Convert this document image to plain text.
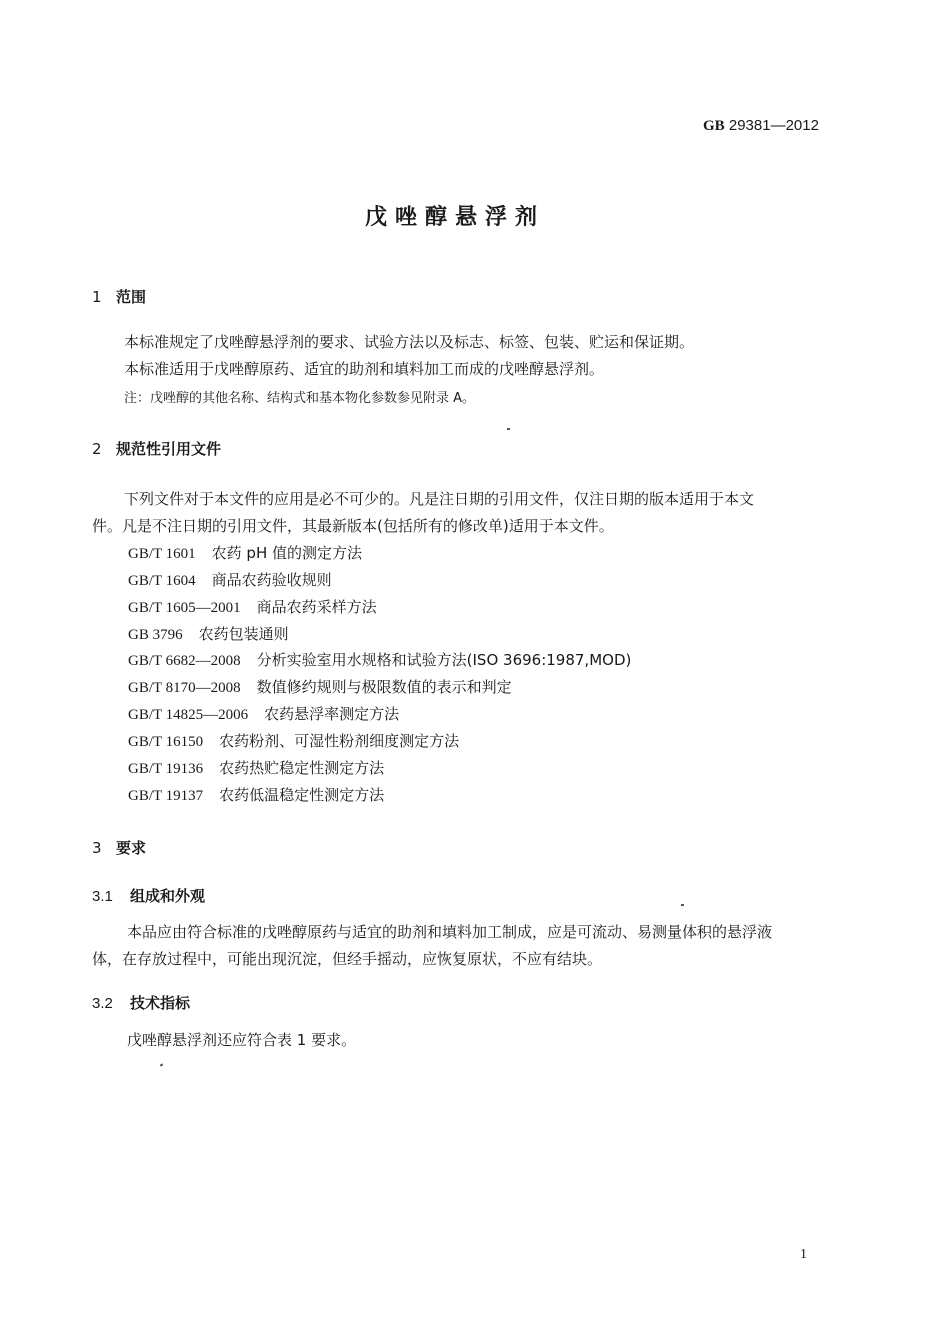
GB 29381—2012
戊唑醇悬浮剂
1 范围
本标准规定了戊唑醇悬浮剂的要求、试验方法以及标志、标签、包装、贮运和保证期。
本标准适用于戊唑醇原药、适宜的助剂和填料加工而成的戊唑醇悬浮剂。
注：戊唑醇的其他名称、结构式和基本物化参数参见附录 A。
2 规范性引用文件
下列文件对于本文件的应用是必不可少的。凡是注日期的引用文件，仅注日期的版本适用于本文
件。凡是不注日期的引用文件，其最新版本(包括所有的修改单)适用于本文件。
GB/T 1601 农药 pH 值的测定方法
GB/T 1604 商品农药验收规则
GB/T 1605—2001 商品农药采样方法
GB 3796 农药包装通则
GB/T 6682—2008 分析实验室用水规格和试验方法(ISO 3696:1987,MOD)
GB/T 8170—2008 数值修约规则与极限数值的表示和判定
GB/T 14825—2006 农药悬浮率测定方法
GB/T 16150 农药粉剂、可湿性粉剂细度测定方法
GB/T 19136 农药热贮稳定性测定方法
GB/T 19137 农药低温稳定性测定方法
3 要求
3.1 组成和外观
本品应由符合标准的戊唑醇原药与适宜的助剂和填料加工制成，应是可流动、易测量体积的悬浮液
体，在存放过程中，可能出现沉淀，但经手摇动，应恢复原状，不应有结块。
3.2 技术指标
戊唑醇悬浮剂还应符合表 1 要求。
1
